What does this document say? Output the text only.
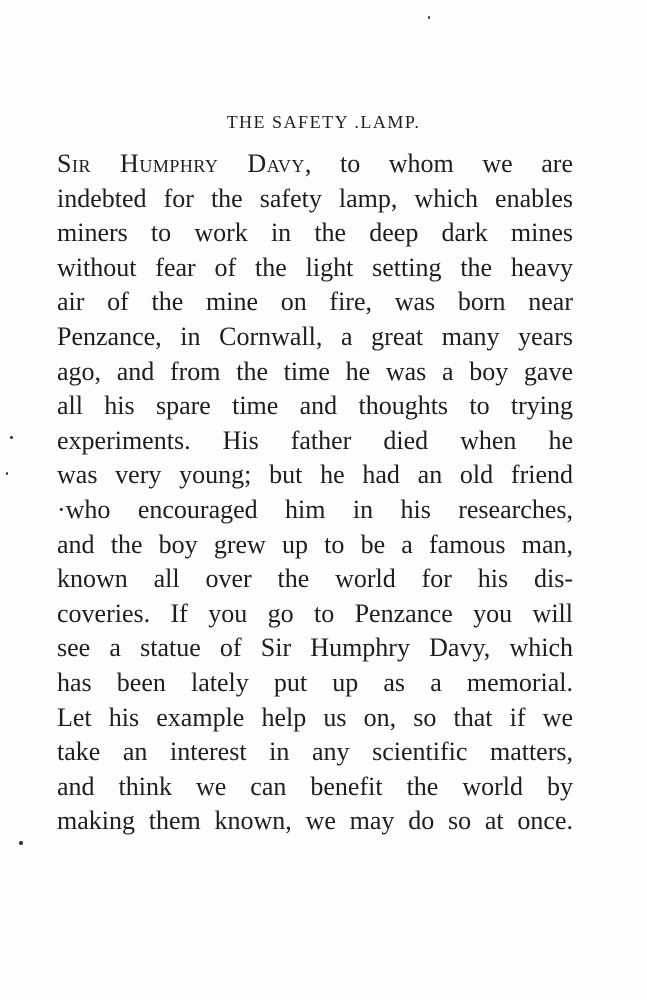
THE SAFETY .LAMP.
Sir Humphry Davy, to whom we are
indebted for the safety lamp, which enables
miners to work in the deep dark mines
without fear of the light setting the heavy
air of the mine on fire, was born near
Penzance, in Cornwall, a great many years
ago, and from the time he was a boy gave
all his spare time and thoughts to trying
experiments. His father died when he
was very young; but he had an old friend
·who encouraged him in his researches,
and the boy grew up to be a famous man,
known all over the world for his dis-
coveries. If you go to Penzance you will
see a statue of Sir Humphry Davy, which
has been lately put up as a memorial.
Let his example help us on, so that if we
take an interest in any scientific matters,
and think we can benefit the world by
making them known, we may do so at once.
